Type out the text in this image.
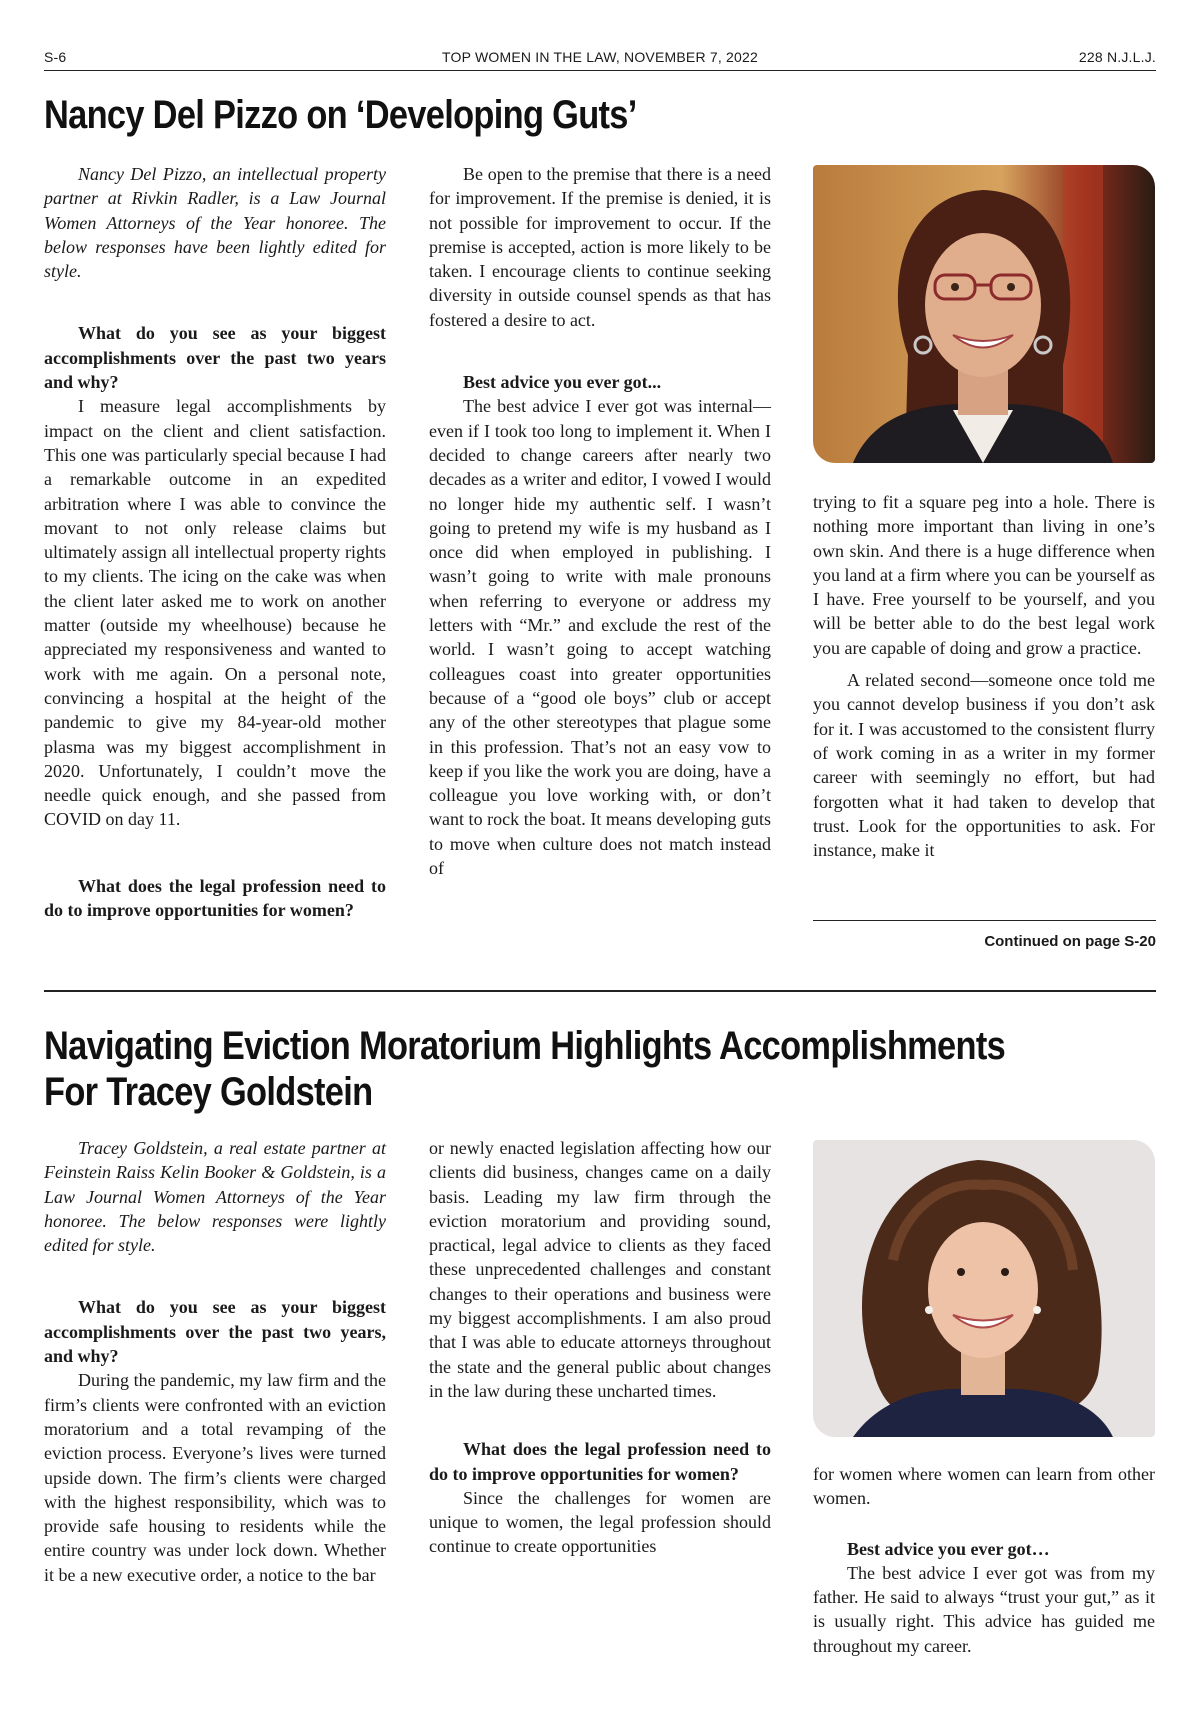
S-6	TOP WOMEN IN THE LAW, NOVEMBER 7, 2022	228 N.J.L.J.
Nancy Del Pizzo on ‘Developing Guts’

Nancy Del Pizzo, an intellectual property partner at Rivkin Radler, is a Law Journal Women Attorneys of the Year honoree. The below responses have been lightly edited for style.

What do you see as your biggest accomplishments over the past two years and why?

I measure legal accomplishments by impact on the client and client satisfaction. This one was particularly special because I had a remarkable outcome in an expedited arbitration where I was able to convince the movant to not only release claims but ultimately assign all intellectual property rights to my clients. The icing on the cake was when the client later asked me to work on another matter (outside my wheelhouse) because he appreciated my responsiveness and wanted to work with me again. On a personal note, convincing a hospital at the height of the pandemic to give my 84-year-old mother plasma was my biggest accomplishment in 2020. Unfortunately, I couldn’t move the needle quick enough, and she passed from COVID on day 11.

What does the legal profession need to do to improve opportunities for women?

Be open to the premise that there is a need for improvement. If the premise is denied, it is not possible for improvement to occur. If the premise is accepted, action is more likely to be taken. I encourage clients to continue seeking diversity in outside counsel spends as that has fostered a desire to act.

Best advice you ever got...

The best advice I ever got was internal—even if I took too long to implement it. When I decided to change careers after nearly two decades as a writer and editor, I vowed I would no longer hide my authentic self. I wasn’t going to pretend my wife is my husband as I once did when employed in publishing. I wasn’t going to write with male pronouns when referring to everyone or address my letters with “Mr.” and exclude the rest of the world. I wasn’t going to accept watching colleagues coast into greater opportunities because of a “good ole boys” club or accept any of the other stereotypes that plague some in this profession. That’s not an easy vow to keep if you like the work you are doing, have a colleague you love working with, or don’t want to rock the boat. It means developing guts to move when culture does not match instead of

trying to fit a square peg into a hole. There is nothing more important than living in one’s own skin. And there is a huge difference when you land at a firm where you can be yourself as I have. Free yourself to be yourself, and you will be better able to do the best legal work you are capable of doing and grow a practice.

A related second—someone once told me you cannot develop business if you don’t ask for it. I was accustomed to the consistent flurry of work coming in as a writer in my former career with seemingly no effort, but had forgotten what it had taken to develop that trust. Look for the opportunities to ask. For instance, make it

Continued on page S-20
Navigating Eviction Moratorium Highlights Accomplishments
For Tracey Goldstein

Tracey Goldstein, a real estate partner at Feinstein Raiss Kelin Booker & Goldstein, is a Law Journal Women Attorneys of the Year honoree. The below responses were lightly edited for style.

What do you see as your biggest accomplishments over the past two years, and why?

During the pandemic, my law firm and the firm’s clients were confronted with an eviction moratorium and a total revamping of the eviction process. Everyone’s lives were turned upside down. The firm’s clients were charged with the highest responsibility, which was to provide safe housing to residents while the entire country was under lock down. Whether it be a new executive order, a notice to the bar

or newly enacted legislation affecting how our clients did business, changes came on a daily basis. Leading my law firm through the eviction moratorium and providing sound, practical, legal advice to clients as they faced these unprecedented challenges and constant changes to their operations and business were my biggest accomplishments. I am also proud that I was able to educate attorneys throughout the state and the general public about changes in the law during these uncharted times.

What does the legal profession need to do to improve opportunities for women?

Since the challenges for women are unique to women, the legal profession should continue to create opportunities

for women where women can learn from other women.

Best advice you ever got…

The best advice I ever got was from my father. He said to always “trust your gut,” as it is usually right. This advice has guided me throughout my career.
